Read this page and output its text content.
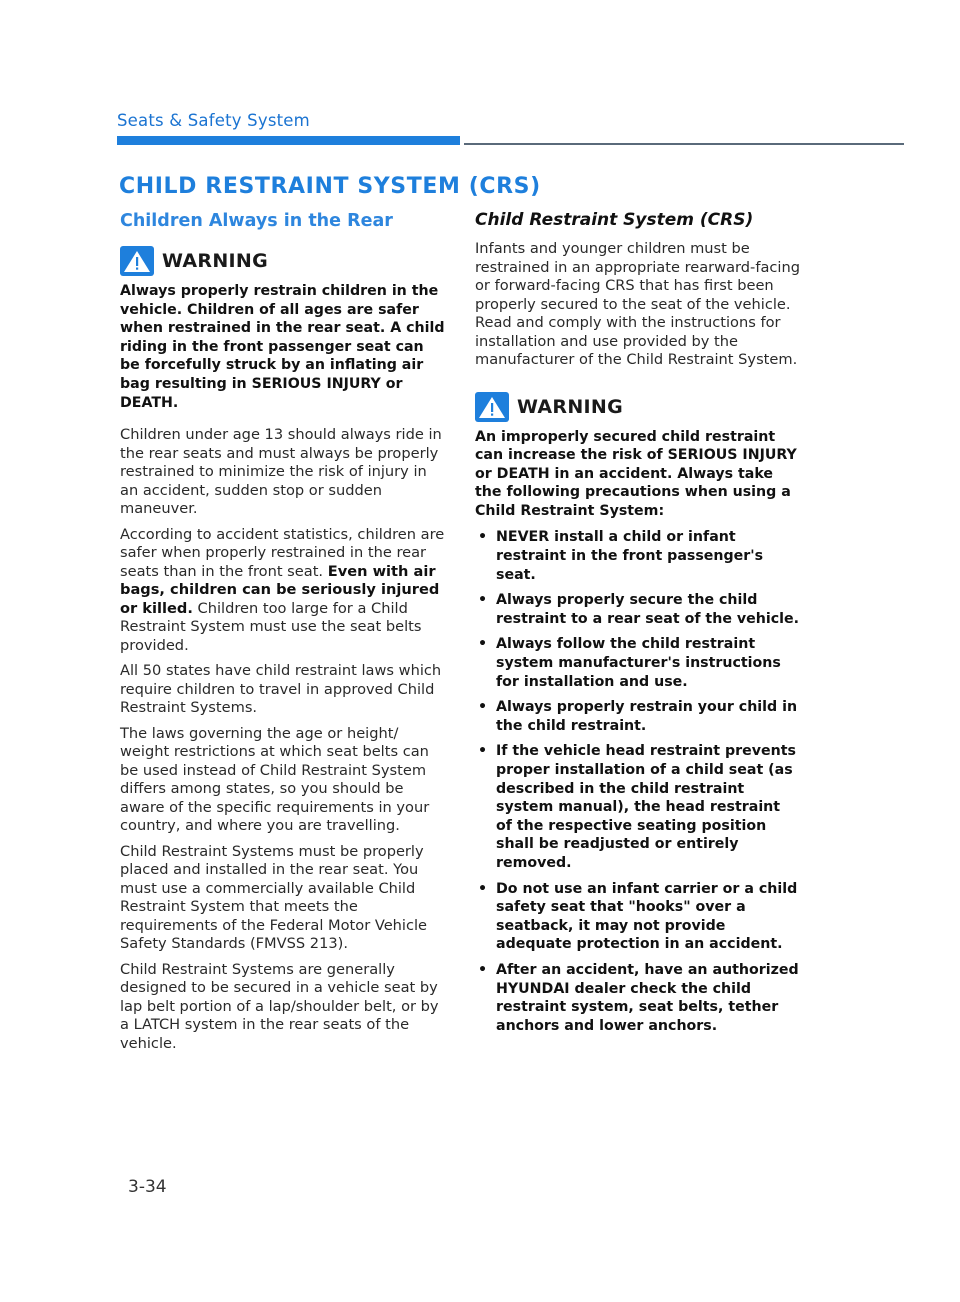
Seats & Safety System
CHILD RESTRAINT SYSTEM (CRS)
Children Always in the Rear
WARNING

Always properly restrain children in the vehicle. Children of all ages are safer when restrained in the rear seat. A child riding in the front passenger seat can be forcefully struck by an inflating air bag resulting in SERIOUS INJURY or DEATH.

Children under age 13 should always ride in the rear seats and must always be properly restrained to minimize the risk of injury in an accident, sudden stop or sudden maneuver.

According to accident statistics, children are safer when properly restrained in the rear seats than in the front seat. Even with air bags, children can be seriously injured or killed. Children too large for a Child Restraint System must use the seat belts provided.

All 50 states have child restraint laws which require children to travel in approved Child Restraint Systems.

The laws governing the age or height/ weight restrictions at which seat belts can be used instead of Child Restraint System differs among states, so you should be aware of the specific requirements in your country, and where you are travelling.

Child Restraint Systems must be properly placed and installed in the rear seat. You must use a commercially available Child Restraint System that meets the requirements of the Federal Motor Vehicle Safety Standards (FMVSS 213).

Child Restraint Systems are generally designed to be secured in a vehicle seat by lap belt portion of a lap/shoulder belt, or by a LATCH system in the rear seats of the vehicle.

Child Restraint System (CRS)

Infants and younger children must be restrained in an appropriate rearward-facing or forward-facing CRS that has first been properly secured to the seat of the vehicle. Read and comply with the instructions for installation and use provided by the manufacturer of the Child Restraint System.

WARNING

An improperly secured child restraint can increase the risk of SERIOUS INJURY or DEATH in an accident. Always take the following precautions when using a Child Restraint System:

• NEVER install a child or infant restraint in the front passenger's seat.
• Always properly secure the child restraint to a rear seat of the vehicle.
• Always follow the child restraint system manufacturer's instructions for installation and use.
• Always properly restrain your child in the child restraint.
• If the vehicle head restraint prevents proper installation of a child seat (as described in the child restraint system manual), the head restraint of the respective seating position shall be readjusted or entirely removed.
• Do not use an infant carrier or a child safety seat that "hooks" over a seatback, it may not provide adequate protection in an accident.
• After an accident, have an authorized HYUNDAI dealer check the child restraint system, seat belts, tether anchors and lower anchors.
3-34
